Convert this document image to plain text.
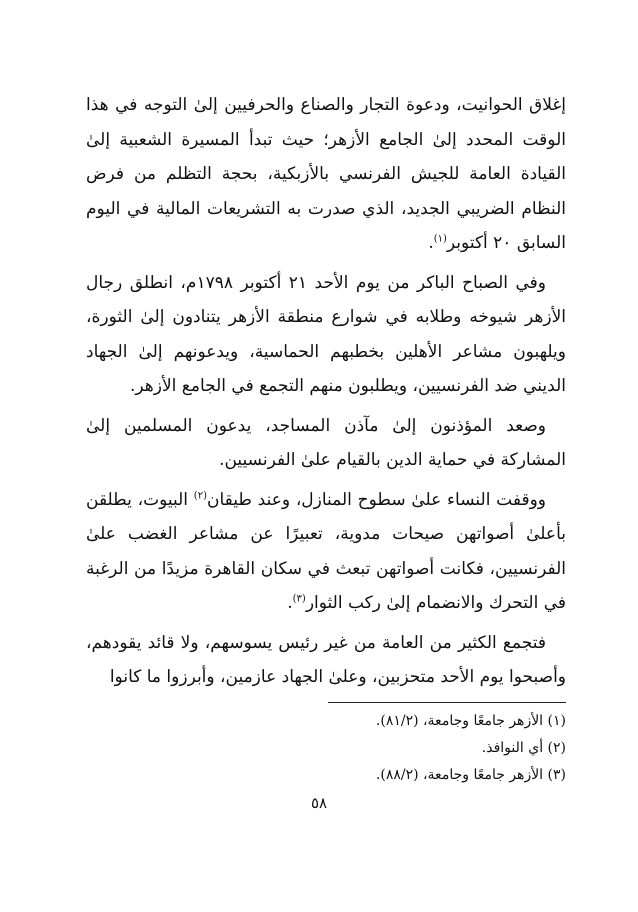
إغلاق الحوانيت، ودعوة التجار والصناع والحرفيين إلىٰ التوجه في هذا الوقت المحدد إلىٰ الجامع الأزهر؛ حيث تبدأ المسيرة الشعبية إلىٰ القيادة العامة للجيش الفرنسي بالأزبكية، بحجة التظلم من فرض النظام الضريبي الجديد، الذي صدرت به التشريعات المالية في اليوم السابق ٢٠ أكتوبر$^{(١)}$.

وفي الصباح الباكر من يوم الأحد ٢١ أكتوبر ١٧٩٨م، انطلق رجال الأزهر شيوخه وطلابه في شوارع منطقة الأزهر يتنادون إلىٰ الثورة، ويلهبون مشاعر الأهلين بخطبهم الحماسية، ويدعونهم إلىٰ الجهاد الديني ضد الفرنسيين، ويطلبون منهم التجمع في الجامع الأزهر.

وصعد المؤذنون إلىٰ مآذن المساجد، يدعون المسلمين إلىٰ المشاركة في حماية الدين بالقيام علىٰ الفرنسيين.

ووقفت النساء علىٰ سطوح المنازل، وعند طيقان$^{(٢)}$ البيوت، يطلقن بأعلىٰ أصواتهن صيحات مدوية، تعبيرًا عن مشاعر الغضب علىٰ الفرنسيين، فكانت أصواتهن تبعث في سكان القاهرة مزيدًا من الرغبة في التحرك والانضمام إلىٰ ركب الثوار$^{(٣)}$.

فتجمع الكثير من العامة من غير رئيس يسوسهم، ولا قائد يقودهم، وأصبحوا يوم الأحد متحزبين، وعلىٰ الجهاد عازمين، وأبرزوا ما كانوا

(١) الأزهر جامعًا وجامعة، (٨١/٢).

(٢) أي النوافذ.

(٣) الأزهر جامعًا وجامعة، (٨٨/٢).

٥٨
